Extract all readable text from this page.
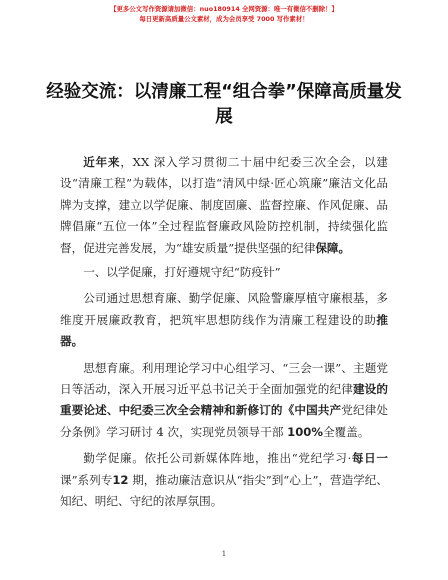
【更多公文写作资源请加微信：nuo180914 全网资源：唯一有微信不删除！】
每日更新高质量公文素材，成为会员享受 7000 写作素材！
经验交流：以清廉工程“组合拳”保障高质量发展

近年来，XX 深入学习贯彻二十届中纪委三次全会，以建设“清廉工程”为载体，以打造“清风中绿·匠心筑廉”廉洁文化品牌为支撑，建立以学促廉、制度固廉、监督控廉、作风促廉、品牌倡廉“五位一体”全过程监督廉政风险防控机制，持续强化监督，促进完善发展，为“雄安质量”提供坚强的纪律保障。

一、以学促廉，打好遵规守纪“防疫针”

公司通过思想育廉、勤学促廉、风险警廉厚植守廉根基，多维度开展廉政教育，把筑牢思想防线作为清廉工程建设的助推器。

思想育廉。利用理论学习中心组学习、“三会一课”、主题党日等活动，深入开展习近平总书记关于全面加强党的纪律建设的重要论述、中纪委三次全会精神和新修订的《中国共产党纪律处分条例》学习研讨 4 次，实现党员领导干部 100%全覆盖。

勤学促廉。依托公司新媒体阵地，推出“党纪学习·每日一课”系列专12 期，推动廉洁意识从“指尖”到“心上”，营造学纪、知纪、明纪、守纪的浓厚氛围。

1
